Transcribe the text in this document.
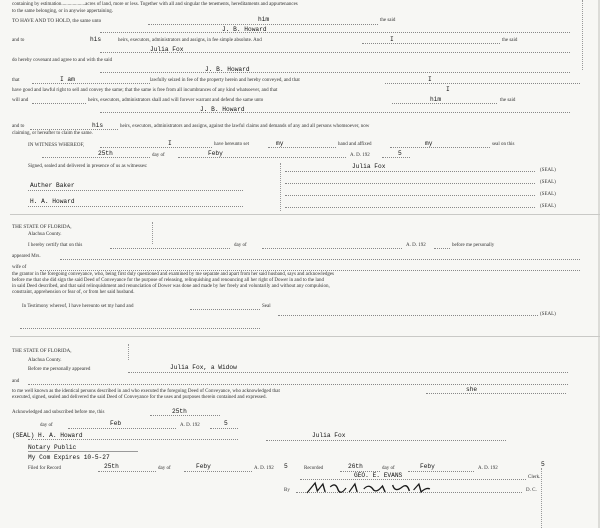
containing by estimation...................acres of land, more or less. Together with all and singular the tenements, hereditaments and appurtenances
to the same belonging, or in anywise appertaining.
TO HAVE AND TO HOLD, the same unto	him	the said
J. B. Howard
and to	his	heirs, executors, administrators and assigns, in fee simple absolute. And	I	the said
Julia Fox
do hereby covenant and agree to and with the said
J. B. Howard
that	I am	lawfully seized in fee of the property herein and hereby conveyed, and that	I
have good and lawful right to sell and convey the same; that the same is free from all incumbrances of any kind whatsoever, and that	I
will and	heirs, executors, administrators shall and will forever warrant and defend the same unto	him	the said
J. B. Howard
and to	his	heirs, executors, administrators and assigns, against the lawful claims and demands of any and all persons whomsoever, now
claiming, or hereafter to claim the same.
IN WITNESS WHEREOF,	I	have hereunto set	my	hand and affixed	my	seal on this
25th	day of	Feby	A. D. 192	5
Signed, sealed and delivered in presence of us as witnesses:	Julia Fox
(SEAL)
(SEAL)
(SEAL)
(SEAL)
Auther Baker
H. A. Howard
THE STATE OF FLORIDA,
Alachua County.
I hereby certify that on this	day of	A. D. 192	before me personally
appeared Mrs.
wife of
the grantor in the foregoing conveyance, who, being first duly questioned and examined by me separate and apart from her said husband, says and acknowledges
before me that she did sign the said Deed of Conveyance for the purpose of releasing, relinquishing and renouncing all her right of Dower in and to the land
in said Deed described, and that said relinquishment and renunciation of Dower was done and made by her freely and voluntarily and without any compulsion,
constraint, apprehension or fear of, or from her said husband.
In Testimony whereof, I have hereunto set my hand and	Seal
(SEAL)
THE STATE OF FLORIDA,
Alachua County.
Before me personally appeared	Julia Fox, a Widow
and
to me well known as the identical persons described in and who executed the foregoing Deed of Conveyance, who acknowledged that	she
executed, signed, sealed and delivered the said Deed of Conveyance for the uses and purposes therein contained and expressed.
Acknowledged and subscribed before me, this	25th
day of	Feb	A. D. 192	5
(SEAL) H. A. Howard	Julia Fox
Notary Public
My Com Expires 10-5-27
Filed for Record	25th	day of	Feby	A. D. 192 5	Recorded	26th	day of	Feby	A. D. 192
5
GEO. E. EVANS	Clerk.
By	D. C.
